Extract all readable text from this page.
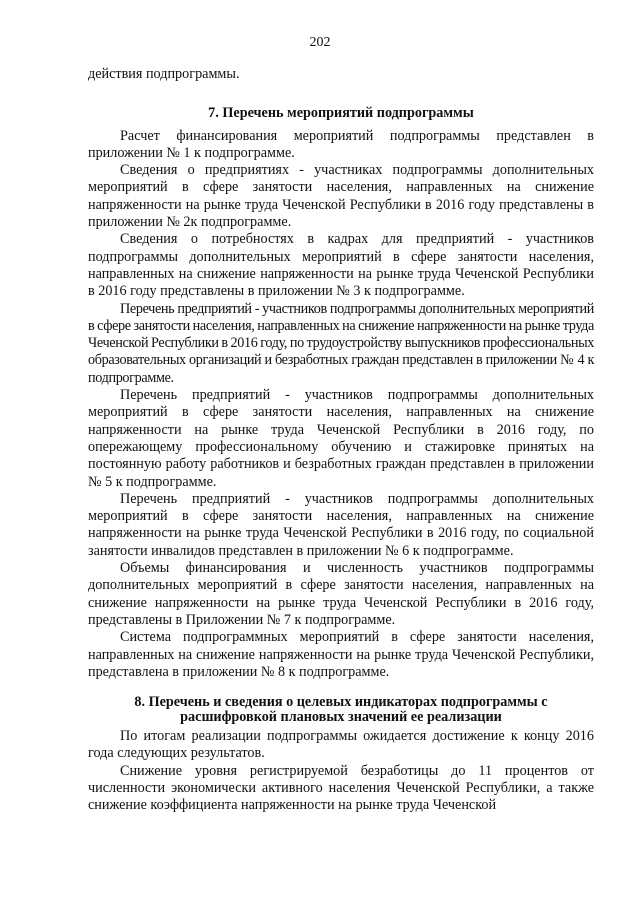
202

действия подпрограммы.

7. Перечень мероприятий подпрограммы

Расчет финансирования мероприятий подпрограммы представлен в приложении № 1 к подпрограмме.

Сведения о предприятиях - участниках подпрограммы дополнительных мероприятий в сфере занятости населения, направленных на снижение напряженности на рынке труда Чеченской Республики в 2016 году представлены в приложении № 2к подпрограмме.

Сведения о потребностях в кадрах для предприятий - участников подпрограммы дополнительных мероприятий в сфере занятости населения, направленных на снижение напряженности на рынке труда Чеченской Республики в 2016 году представлены в приложении № 3 к подпрограмме.

Перечень предприятий - участников подпрограммы дополнительных мероприятий в сфере занятости населения, направленных на снижение напряженности на рынке труда Чеченской Республики в 2016 году, по трудоустройству выпускников профессиональных образовательных организаций и безработных граждан представлен в приложении № 4 к подпрограмме.

Перечень предприятий - участников подпрограммы дополнительных мероприятий в сфере занятости населения, направленных на снижение напряженности на рынке труда Чеченской Республики в 2016 году, по опережающему профессиональному обучению и стажировке принятых на постоянную работу работников и безработных граждан представлен в приложении № 5 к подпрограмме.

Перечень предприятий - участников подпрограммы дополнительных мероприятий в сфере занятости населения, направленных на снижение напряженности на рынке труда Чеченской Республики в 2016 году, по социальной занятости инвалидов представлен в приложении № 6 к подпрограмме.

Объемы финансирования и численность участников подпрограммы дополнительных мероприятий в сфере занятости населения, направленных на снижение напряженности на рынке труда Чеченской Республики в 2016 году, представлены в Приложении № 7 к подпрограмме.

Система подпрограммных мероприятий в сфере занятости населения, направленных на снижение напряженности на рынке труда Чеченской Республики, представлена в приложении № 8 к подпрограмме.

8. Перечень и сведения о целевых индикаторах подпрограммы с
расшифровкой плановых значений ее реализации

По итогам реализации подпрограммы ожидается достижение к концу 2016 года следующих результатов.

Снижение уровня регистрируемой безработицы до 11 процентов от численности экономически активного населения Чеченской Республики, а также снижение коэффициента напряженности на рынке труда Чеченской
